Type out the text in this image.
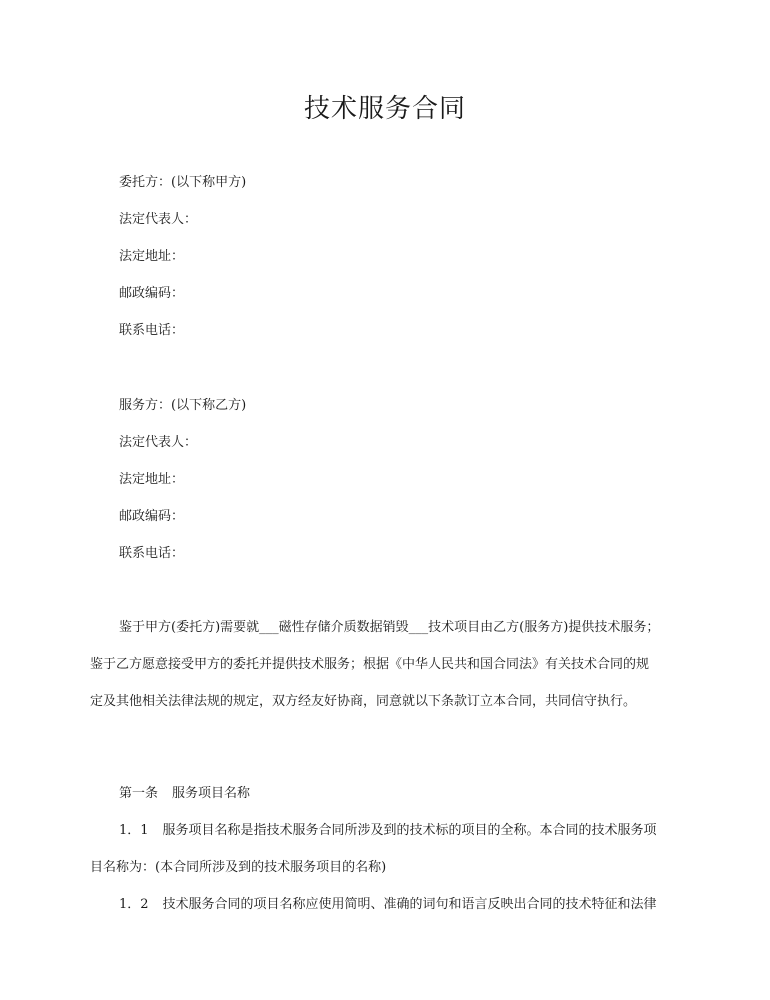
技术服务合同
委托方：(以下称甲方)
法定代表人：
法定地址：
邮政编码：
联系电话：
服务方：(以下称乙方)
法定代表人：
法定地址：
邮政编码：
联系电话：
鉴于甲方(委托方)需要就___磁性存储介质数据销毁___技术项目由乙方(服务方)提供技术服务；
鉴于乙方愿意接受甲方的委托并提供技术服务；根据《中华人民共和国合同法》有关技术合同的规
定及其他相关法律法规的规定，双方经友好协商，同意就以下条款订立本合同，共同信守执行。
第一条 服务项目名称
1．1 服务项目名称是指技术服务合同所涉及到的技术标的项目的全称。本合同的技术服务项
目名称为：(本合同所涉及到的技术服务项目的名称)
1．2 技术服务合同的项目名称应使用简明、准确的词句和语言反映出合同的技术特征和法律
